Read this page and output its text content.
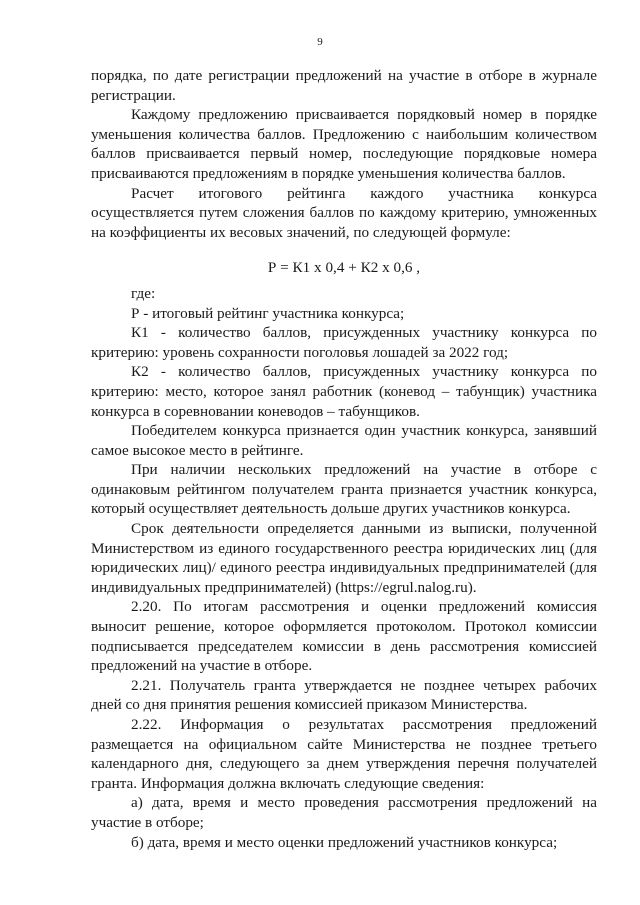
9

порядка, по дате регистрации предложений на участие в отборе в журнале регистрации.

Каждому предложению присваивается порядковый номер в порядке уменьшения количества баллов. Предложению с наибольшим количеством баллов присваивается первый номер, последующие порядковые номера присваиваются предложениям в порядке уменьшения количества баллов.

Расчет итогового рейтинга каждого участника конкурса осуществляется путем сложения баллов по каждому критерию, умноженных на коэффициенты их весовых значений, по следующей формуле:

Р = К1 х 0,4 + К2 х 0,6 ,

где:

Р - итоговый рейтинг участника конкурса;

К1 - количество баллов, присужденных участнику конкурса по критерию: уровень сохранности поголовья лошадей за 2022 год;

К2 - количество баллов, присужденных участнику конкурса по критерию: место, которое занял работник (коневод – табунщик) участника конкурса в соревновании коневодов – табунщиков.

Победителем конкурса признается один участник конкурса, занявший самое высокое место в рейтинге.

При наличии нескольких предложений на участие в отборе с одинаковым рейтингом получателем гранта признается участник конкурса, который осуществляет деятельность дольше других участников конкурса.

Срок деятельности определяется данными из выписки, полученной Министерством из единого государственного реестра юридических лиц (для юридических лиц)/ единого реестра индивидуальных предпринимателей (для индивидуальных предпринимателей) (https://egrul.nalog.ru).

2.20. По итогам рассмотрения и оценки предложений комиссия выносит решение, которое оформляется протоколом. Протокол комиссии подписывается председателем комиссии в день рассмотрения комиссией предложений на участие в отборе.

2.21. Получатель гранта утверждается не позднее четырех рабочих дней со дня принятия решения комиссией приказом Министерства.

2.22. Информация о результатах рассмотрения предложений размещается на официальном сайте Министерства не позднее третьего календарного дня, следующего за днем утверждения перечня получателей гранта. Информация должна включать следующие сведения:

а) дата, время и место проведения рассмотрения предложений на участие в отборе;

б) дата, время и место оценки предложений участников конкурса;
